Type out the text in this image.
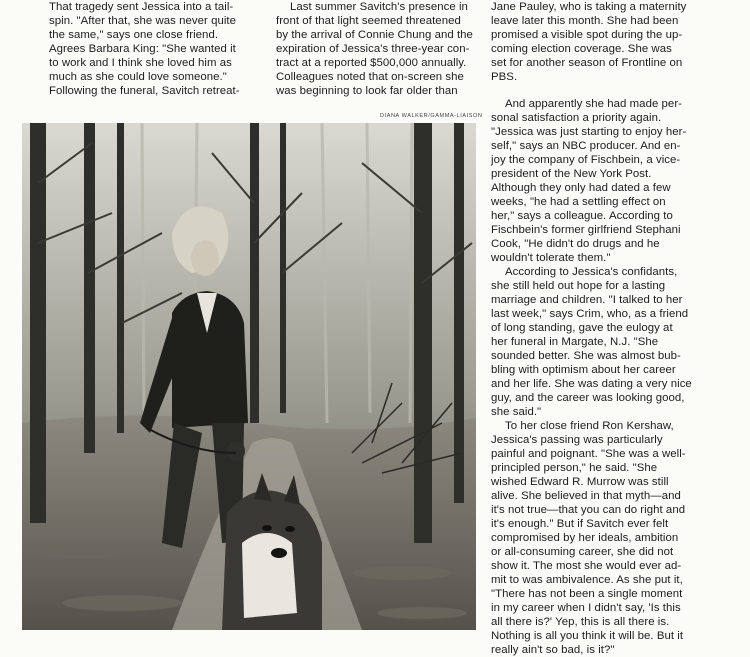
That tragedy sent Jessica into a tail-
spin. "After that, she was never quite
the same," says one close friend.
Agrees Barbara King: "She wanted it
to work and I think she loved him as
much as she could love someone."
Following the funeral, Savitch retreat-

Last summer Savitch's presence in
front of that light seemed threatened
by the arrival of Connie Chung and the
expiration of Jessica's three-year con-
tract at a reported $500,000 annually.
Colleagues noted that on-screen she
was beginning to look far older than

Jane Pauley, who is taking a maternity
leave later this month. She had been
promised a visible spot during the up-
coming election coverage. She was
set for another season of Frontline on
PBS.

And apparently she had made per-
sonal satisfaction a priority again.
"Jessica was just starting to enjoy her-
self," says an NBC producer. And en-
joy the company of Fischbein, a vice-
president of the New York Post.
Although they only had dated a few
weeks, "he had a settling effect on
her," says a colleague. According to
Fischbein's former girlfriend Stephani
Cook, "He didn't do drugs and he
wouldn't tolerate them."

According to Jessica's confidants,
she still held out hope for a lasting
marriage and children. "I talked to her
last week," says Crim, who, as a friend
of long standing, gave the eulogy at
her funeral in Margate, N.J. "She
sounded better. She was almost bub-
bling with optimism about her career
and her life. She was dating a very nice
guy, and the career was looking good,
she said."

To her close friend Ron Kershaw,
Jessica's passing was particularly
painful and poignant. "She was a well-
principled person," he said. "She
wished Edward R. Murrow was still
alive. She believed in that myth—and
it's not true—that you can do right and
it's enough." But if Savitch ever felt
compromised by her ideals, ambition
or all-consuming career, she did not
show it. The most she would ever ad-
mit to was ambivalence. As she put it,
"There has not been a single moment
in my career when I didn't say, 'Is this
all there is?' Yep, this is all there is.
Nothing is all you think it will be. But it
really ain't so bad, is it?"

DIANA WALKER/GAMMA-LIAISON
